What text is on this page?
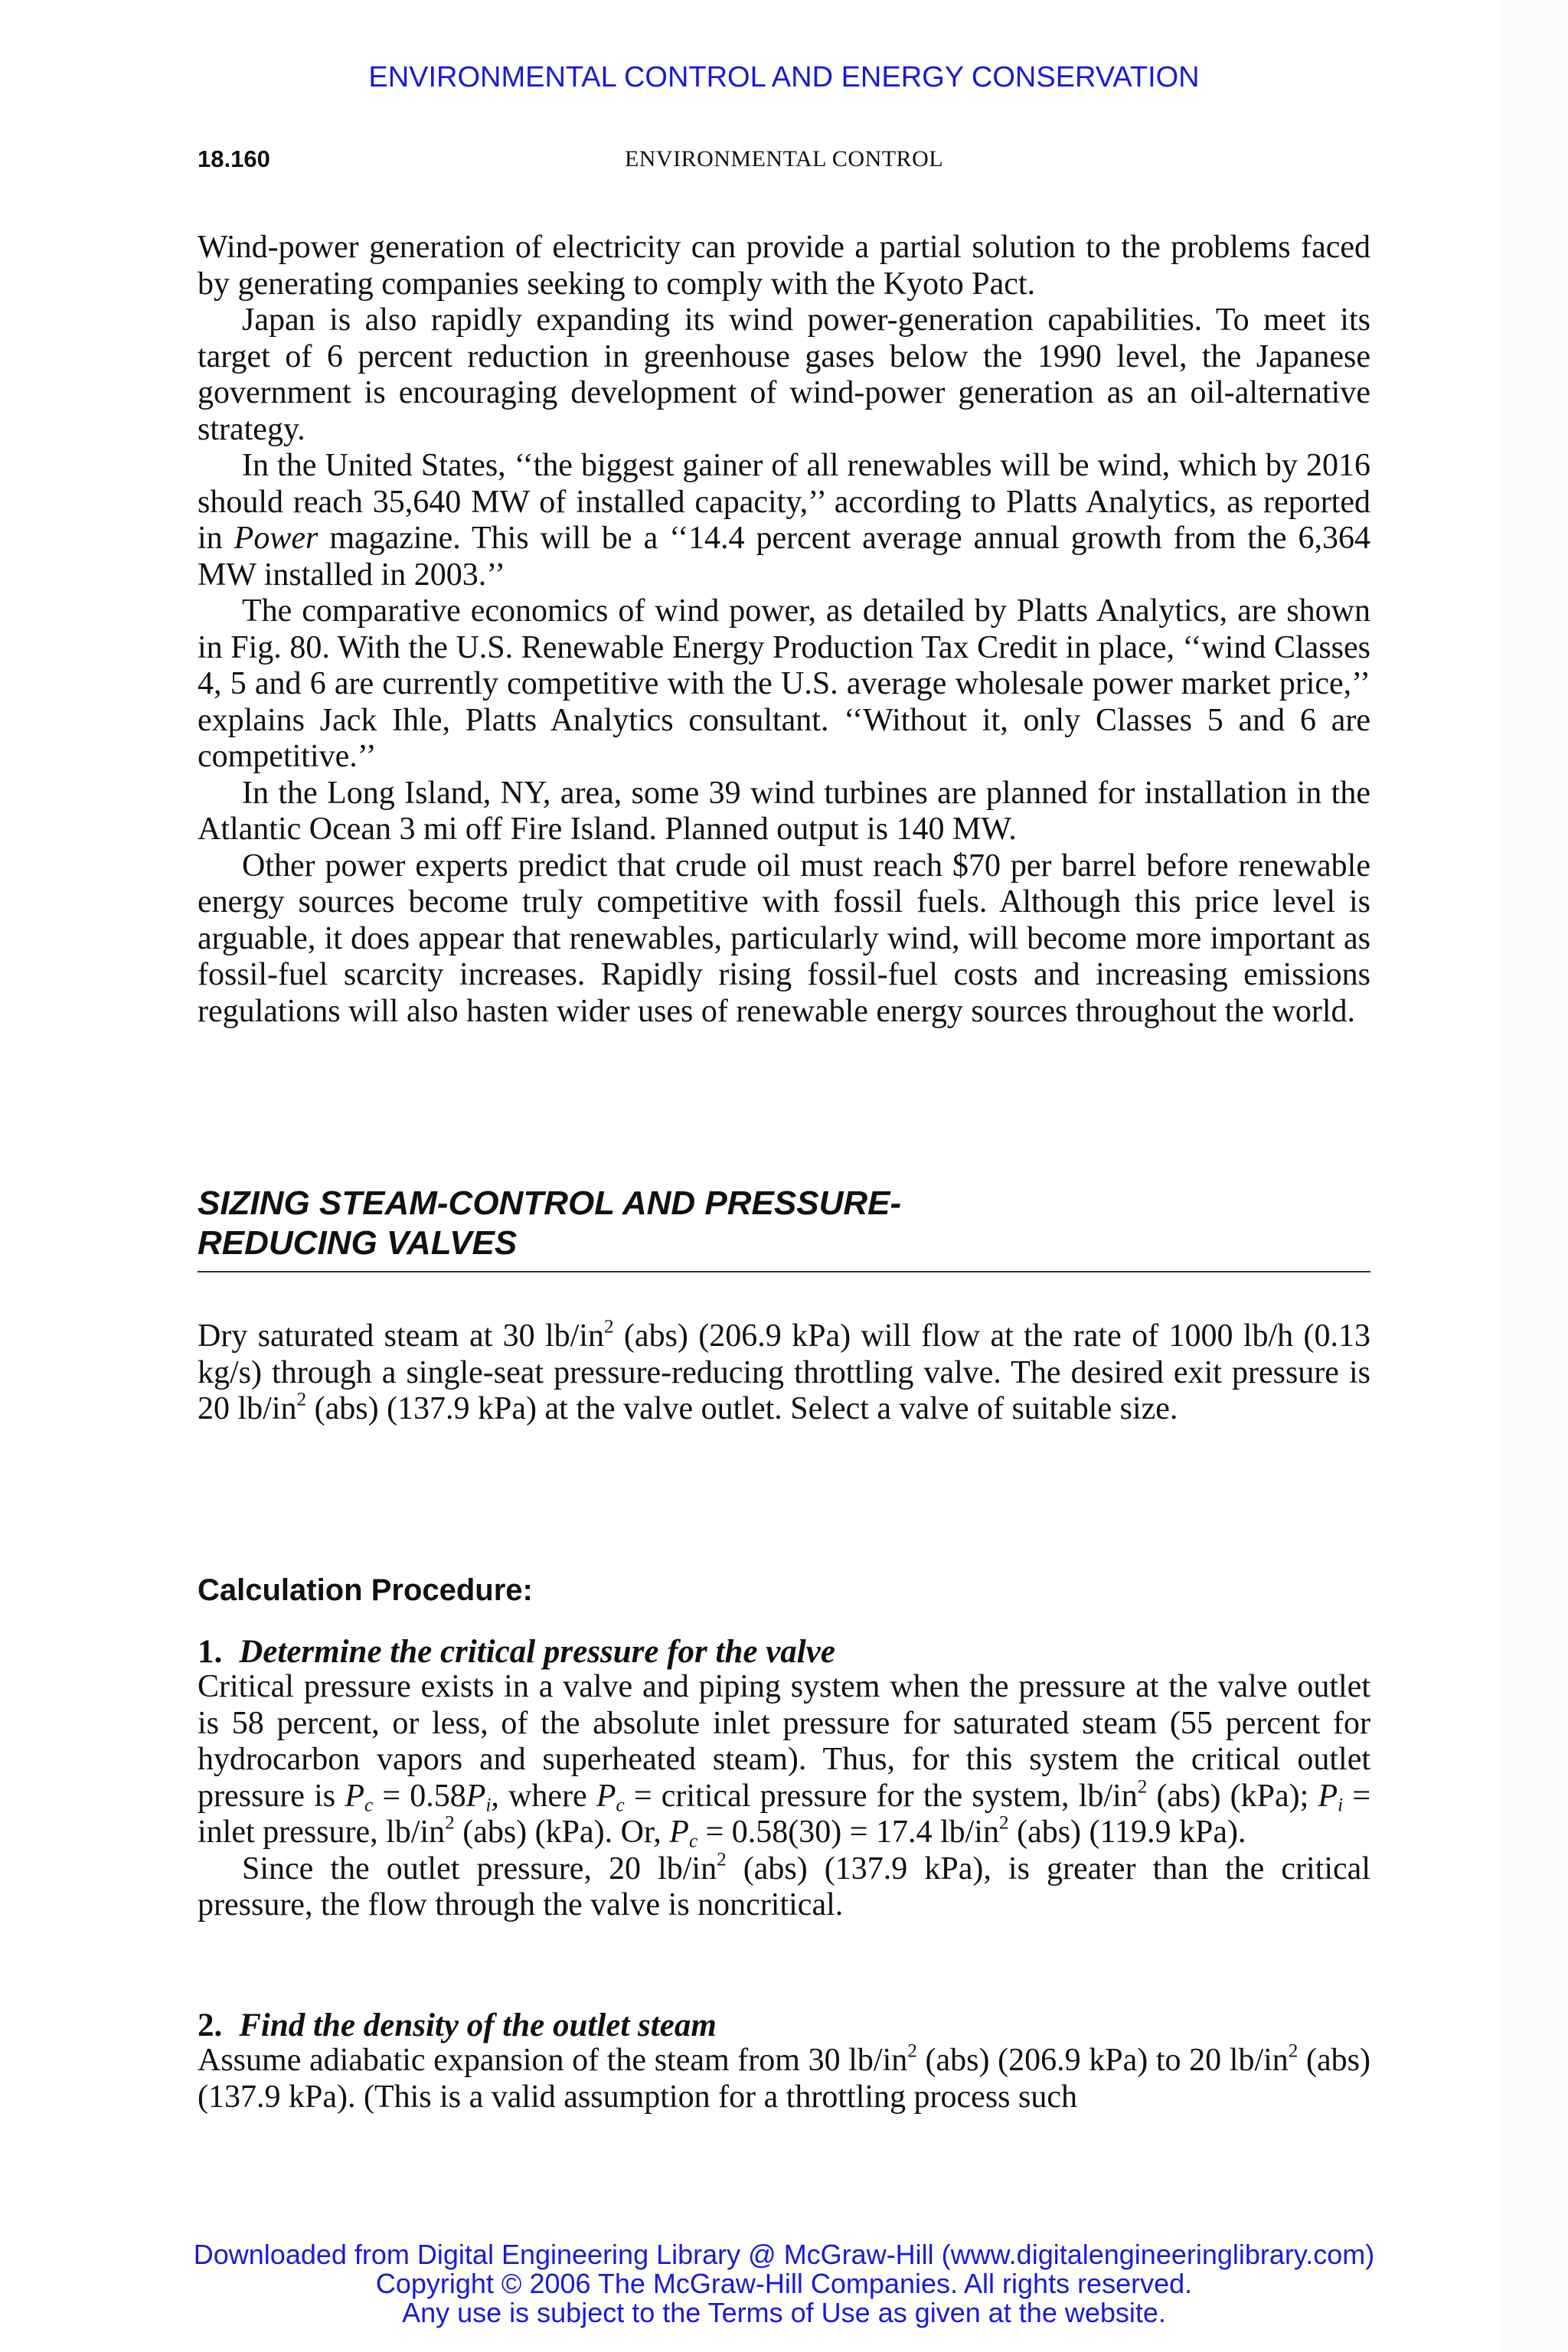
ENVIRONMENTAL CONTROL AND ENERGY CONSERVATION
18.160	ENVIRONMENTAL CONTROL

Wind-power generation of electricity can provide a partial solution to the problems faced by generating companies seeking to comply with the Kyoto Pact.

Japan is also rapidly expanding its wind power-generation capabilities. To meet its target of 6 percent reduction in greenhouse gases below the 1990 level, the Japanese government is encouraging development of wind-power generation as an oil-alternative strategy.

In the United States, ‘‘the biggest gainer of all renewables will be wind, which by 2016 should reach 35,640 MW of installed capacity,’’ according to Platts Analytics, as reported in Power magazine. This will be a ‘‘14.4 percent average annual growth from the 6,364 MW installed in 2003.’’

The comparative economics of wind power, as detailed by Platts Analytics, are shown in Fig. 80. With the U.S. Renewable Energy Production Tax Credit in place, ‘‘wind Classes 4, 5 and 6 are currently competitive with the U.S. average wholesale power market price,’’ explains Jack Ihle, Platts Analytics consultant. ‘‘Without it, only Classes 5 and 6 are competitive.’’

In the Long Island, NY, area, some 39 wind turbines are planned for installation in the Atlantic Ocean 3 mi off Fire Island. Planned output is 140 MW.

Other power experts predict that crude oil must reach $70 per barrel before renewable energy sources become truly competitive with fossil fuels. Although this price level is arguable, it does appear that renewables, particularly wind, will become more important as fossil-fuel scarcity increases. Rapidly rising fossil-fuel costs and increasing emissions regulations will also hasten wider uses of renewable energy sources throughout the world.

SIZING STEAM-CONTROL AND PRESSURE-
REDUCING VALVES

Dry saturated steam at 30 $lb/in^2$ (abs) (206.9 kPa) will flow at the rate of 1000 lb/h (0.13 kg/s) through a single-seat pressure-reducing throttling valve. The desired exit pressure is 20 $lb/in^2$ (abs) (137.9 kPa) at the valve outlet. Select a valve of suitable size.

Calculation Procedure:
1. Determine the critical pressure for the valve

Critical pressure exists in a valve and piping system when the pressure at the valve outlet is 58 percent, or less, of the absolute inlet pressure for saturated steam (55 percent for hydrocarbon vapors and superheated steam). Thus, for this system the critical outlet pressure is $P_c = 0.58P_i$, where $P_c$ = critical pressure for the system, $lb/in^2$ (abs) (kPa); $P_i$ = inlet pressure, $lb/in^2$ (abs) (kPa). Or, $P_c = 0.58(30) = 17.4$ $lb/in^2$ (abs) (119.9 kPa).

Since the outlet pressure, 20 $lb/in^2$ (abs) (137.9 kPa), is greater than the critical pressure, the flow through the valve is noncritical.

2. Find the density of the outlet steam

Assume adiabatic expansion of the steam from 30 $lb/in^2$ (abs) (206.9 kPa) to 20 $lb/in^2$ (abs) (137.9 kPa). (This is a valid assumption for a throttling process such

Downloaded from Digital Engineering Library @ McGraw-Hill (www.digitalengineeringlibrary.com)
Copyright © 2006 The McGraw-Hill Companies. All rights reserved.
Any use is subject to the Terms of Use as given at the website.
